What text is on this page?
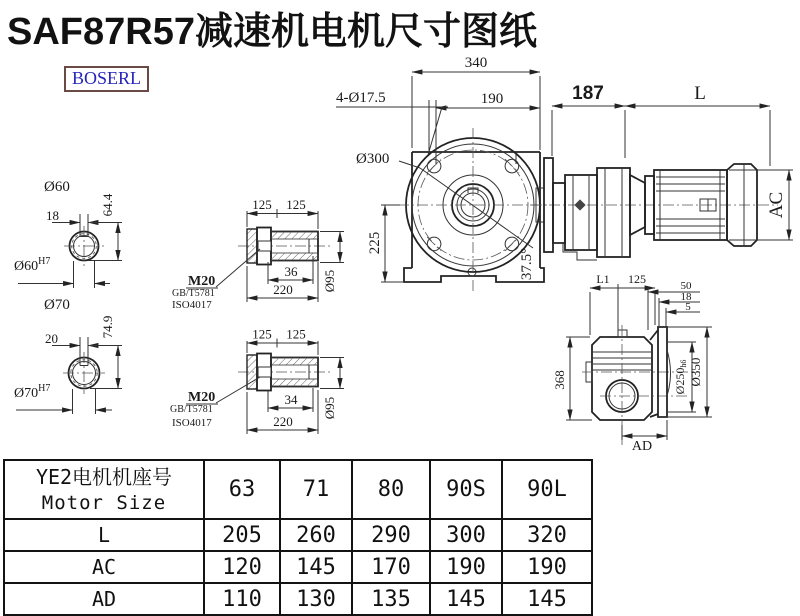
SAF87R57减速机电机尺寸图纸
BOSERL
Ø60
18	64.4
$Ø60^{H7}$
Ø70
20
74.9
$Ø70^{H7}$
125 125
36
220 Ø95
M20
GB/T5781
ISO4017
125 125
34
220
Ø95
M20
GB/T5781
ISO4017
340
190
4-Ø17.5
Ø300
225
37.5°
187	L
AC
L1 125	50
18
5
368	Ø250h6 Ø350
AD
YE2电机机座号
Motor Size	63	71	80	90S	90L
L	205	260	290	300	320
AC	120	145	170	190	190
AD	110	130	135	145	145
